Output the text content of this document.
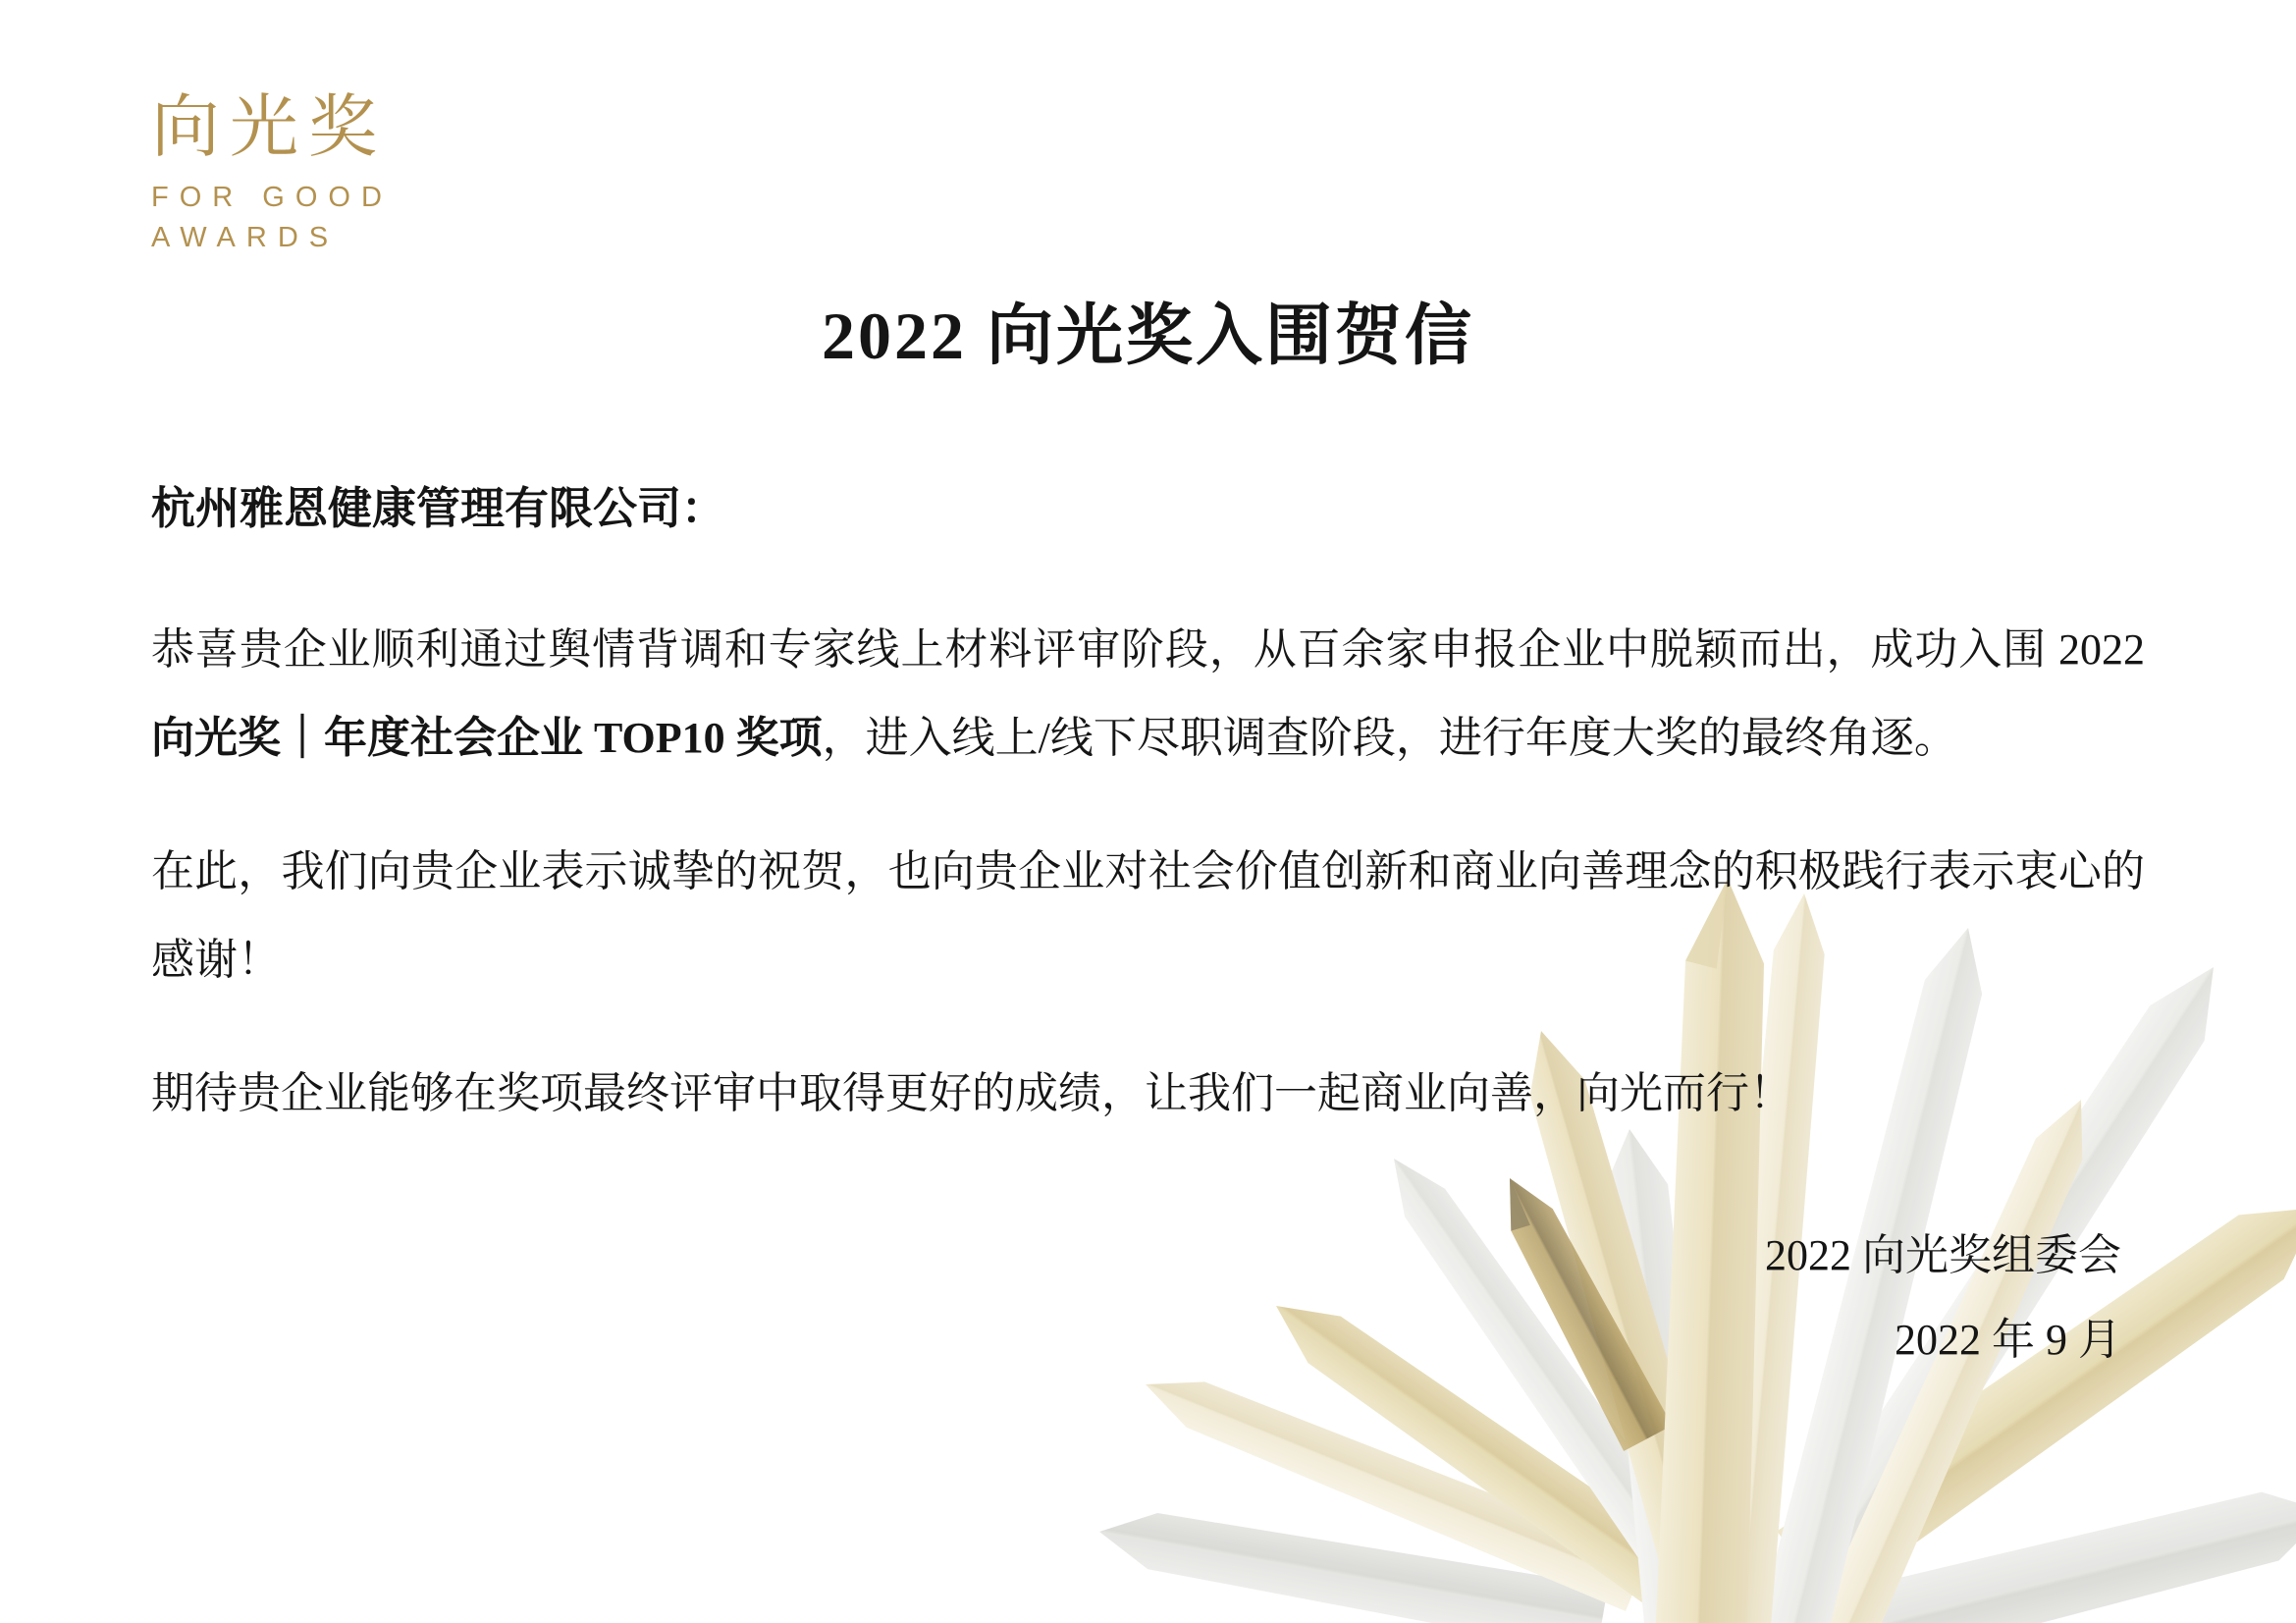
向光奖
FOR GOOD
AWARDS
2022 向光奖入围贺信
杭州雅恩健康管理有限公司：

恭喜贵企业顺利通过舆情背调和专家线上材料评审阶段，从百余家申报企业中脱颖而出，成功入围 2022 向光奖｜年度社会企业 TOP10 奖项，进入线上/线下尽职调查阶段，进行年度大奖的最终角逐。

在此，我们向贵企业表示诚挚的祝贺，也向贵企业对社会价值创新和商业向善理念的积极践行表示衷心的感谢！

期待贵企业能够在奖项最终评审中取得更好的成绩，让我们一起商业向善，向光而行！

2022 向光奖组委会
2022 年 9 月
